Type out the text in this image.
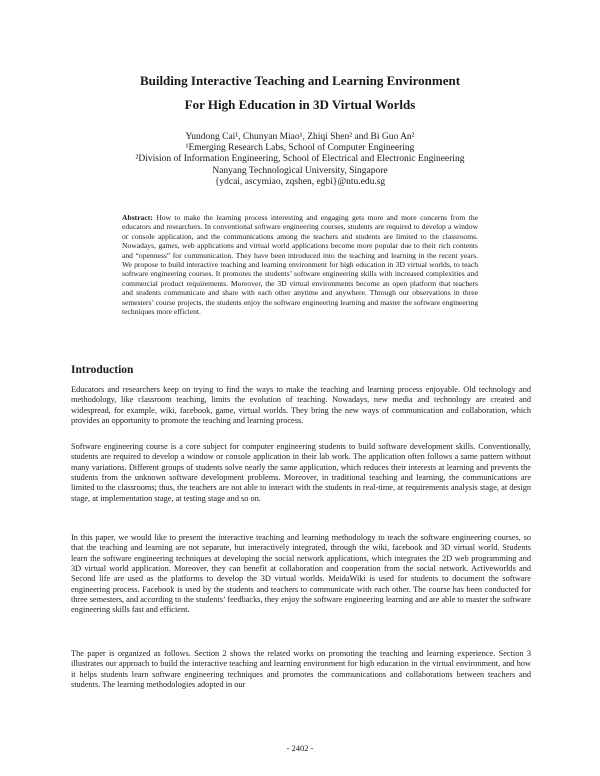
Building Interactive Teaching and Learning Environment
For High Education in 3D Virtual Worlds
Yundong Cai¹, Chunyan Miao¹, Zhiqi Shen² and Bi Guo An²
¹Emerging Research Labs, School of Computer Engineering
²Division of Information Engineering, School of Electrical and Electronic Engineering
Nanyang Technological University, Singapore
{ydcai, ascymiao, zqshen, egbi}@ntu.edu.sg
Abstract: How to make the learning process interesting and engaging gets more and more concerns from the educators and researchers. In conventional software engineering courses, students are required to develop a window or console application, and the communications among the teachers and students are limited to the classrooms. Nowadays, games, web applications and virtual world applications become more popular due to their rich contents and “openness” for communication. They have been introduced into the teaching and learning in the recent years. We propose to build interactive teaching and learning environment for high education in 3D virtual worlds, to teach software engineering courses. It promotes the students’ software engineering skills with increased complexities and commercial product requirements. Moreover, the 3D virtual environments become an open platform that teachers and students communicate and share with each other anytime and anywhere. Through our observations in three semesters’ course projects, the students enjoy the software engineering learning and master the software engineering techniques more efficient.
Introduction
Educators and researchers keep on trying to find the ways to make the teaching and learning process enjoyable. Old technology and methodology, like classroom teaching, limits the evolution of teaching. Nowadays, new media and technology are created and widespread, for example, wiki, facebook, game, virtual worlds. They bring the new ways of communication and collaboration, which provides an opportunity to promote the teaching and learning process.
Software engineering course is a core subject for computer engineering students to build software development skills. Conventionally, students are required to develop a window or console application in their lab work. The application often follows a same pattern without many variations. Different groups of students solve nearly the same application, which reduces their interests at learning and prevents the students from the unknown software development problems. Moreover, in traditional teaching and learning, the communications are limited to the classrooms; thus, the teachers are not able to interact with the students in real-time, at requirements analysis stage, at design stage, at implementation stage, at testing stage and so on.
In this paper, we would like to present the interactive teaching and learning methodology to teach the software engineering courses, so that the teaching and learning are not separate, but interactively integrated, through the wiki, facebook and 3D virtual world. Students learn the software engineering techniques at developing the social network applications, which integrates the 2D web programming and 3D virtual world application. Moreover, they can benefit at collaboration and cooperation from the social network. Activeworlds and Second life are used as the platforms to develop the 3D virtual worlds. MeidaWiki is used for students to document the software engineering process. Facebook is used by the students and teachers to communicate with each other. The course has been conducted for three semesters, and according to the students’ feedbacks, they enjoy the software engineering learning and are able to master the software engineering skills fast and efficient.
The paper is organized as follows. Section 2 shows the related works on promoting the teaching and learning experience. Section 3 illustrates our approach to build the interactive teaching and learning environment for high education in the virtual environment, and how it helps students learn software engineering techniques and promotes the communications and collaborations between teachers and students. The learning methodologies adopted in our
- 2402 -
